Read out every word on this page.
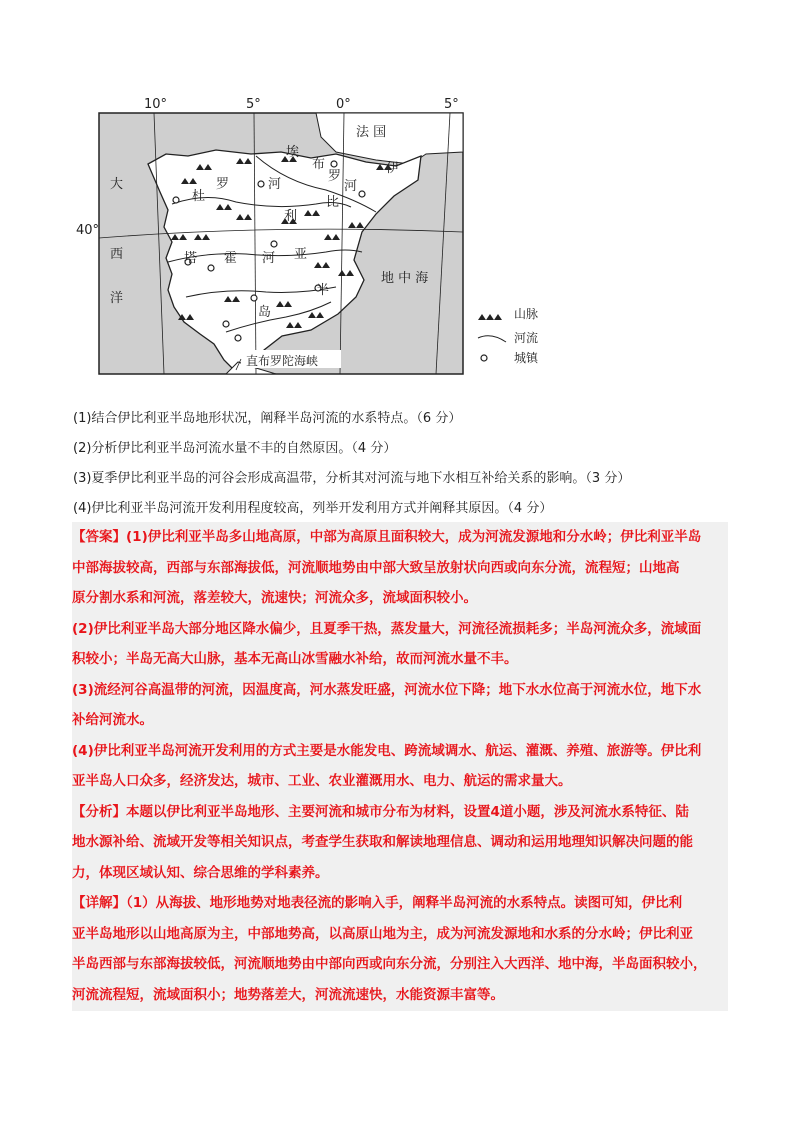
10°	5°	0°	5°
40°
大
西
洋
法 国
地 中 海
伊
比
利
亚
半
岛
埃
布
罗
河
杜
罗	河
塔 霍 河
直布罗陀海峡
山脉
河流
城镇
(1)结合伊比利亚半岛地形状况，阐释半岛河流的水系特点。（6 分）
(2)分析伊比利亚半岛河流水量不丰的自然原因。（4 分）
(3)夏季伊比利亚半岛的河谷会形成高温带，分析其对河流与地下水相互补给关系的影响。（3 分）
(4)伊比利亚半岛河流开发利用程度较高，列举开发利用方式并阐释其原因。（4 分）

【答案】(1)伊比利亚半岛多山地高原，中部为高原且面积较大，成为河流发源地和分水岭；伊比利亚半岛

中部海拔较高，西部与东部海拔低，河流顺地势由中部大致呈放射状向西或向东分流，流程短；山地高

原分割水系和河流，落差较大，流速快；河流众多，流域面积较小。

(2)伊比利亚半岛大部分地区降水偏少，且夏季干热，蒸发量大，河流径流损耗多；半岛河流众多，流域面

积较小；半岛无高大山脉，基本无高山冰雪融水补给，故而河流水量不丰。

(3)流经河谷高温带的河流，因温度高，河水蒸发旺盛，河流水位下降；地下水水位高于河流水位，地下水

补给河流水。

(4)伊比利亚半岛河流开发利用的方式主要是水能发电、跨流域调水、航运、灌溉、养殖、旅游等。伊比利

亚半岛人口众多，经济发达，城市、工业、农业灌溉用水、电力、航运的需求量大。

【分析】本题以伊比利亚半岛地形、主要河流和城市分布为材料，设置4道小题，涉及河流水系特征、陆

地水源补给、流域开发等相关知识点，考查学生获取和解读地理信息、调动和运用地理知识解决问题的能

力，体现区域认知、综合思维的学科素养。

【详解】（1）从海拔、地形地势对地表径流的影响入手，阐释半岛河流的水系特点。读图可知，伊比利

亚半岛地形以山地高原为主，中部地势高，以高原山地为主，成为河流发源地和水系的分水岭；伊比利亚

半岛西部与东部海拔较低，河流顺地势由中部向西或向东分流，分别注入大西洋、地中海，半岛面积较小，

河流流程短，流域面积小；地势落差大，河流流速快，水能资源丰富等。
